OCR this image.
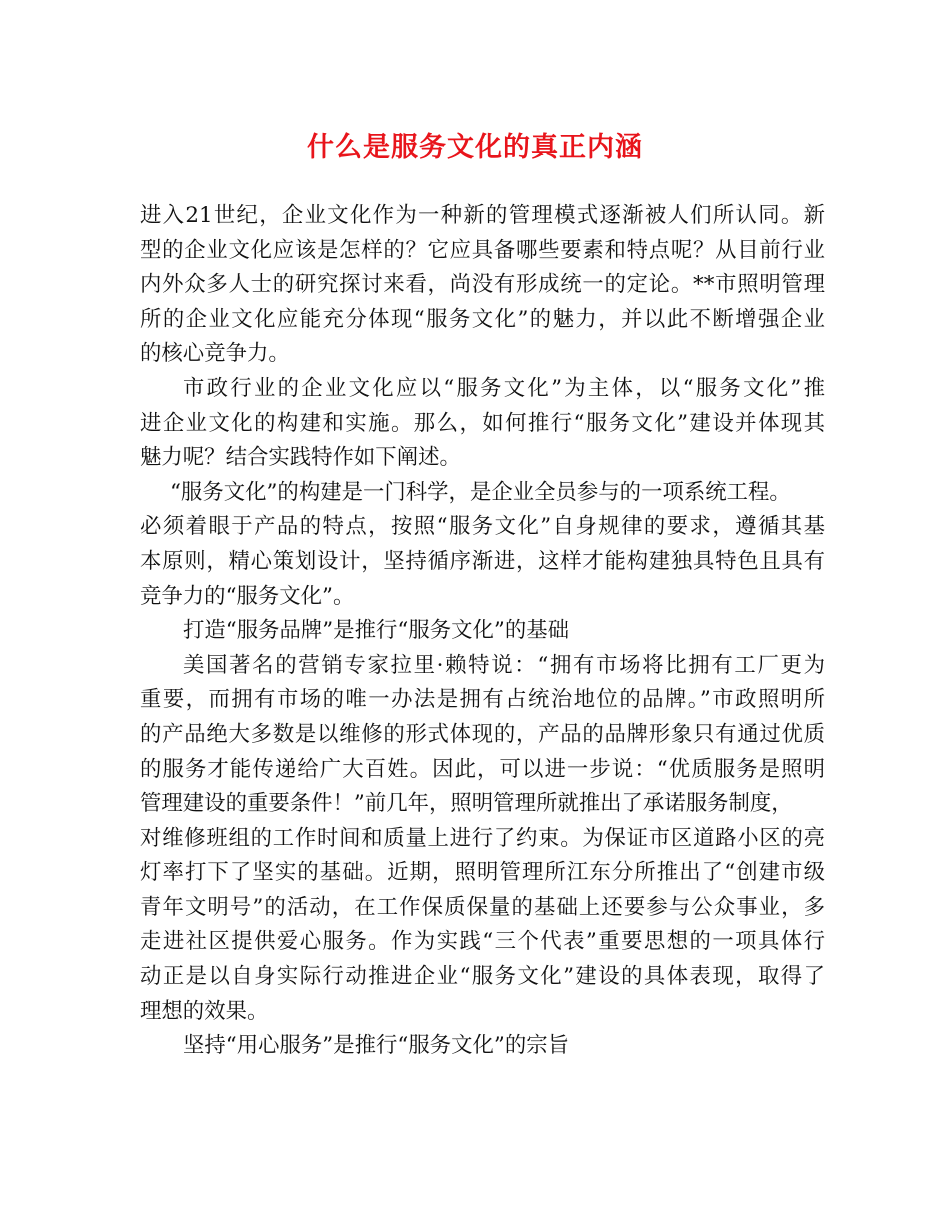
什么是服务文化的真正内涵
进入21世纪，企业文化作为一种新的管理模式逐渐被人们所认同。新
型的企业文化应该是怎样的？它应具备哪些要素和特点呢？从目前行业
内外众多人士的研究探讨来看，尚没有形成统一的定论。**市照明管理
所的企业文化应能充分体现“服务文化”的魅力，并以此不断增强企业
的核心竞争力。
市政行业的企业文化应以“服务文化”为主体，以“服务文化”推
进企业文化的构建和实施。那么，如何推行“服务文化”建设并体现其
魅力呢？结合实践特作如下阐述。
“服务文化”的构建是一门科学，是企业全员参与的一项系统工程。
必须着眼于产品的特点，按照“服务文化”自身规律的要求，遵循其基
本原则，精心策划设计，坚持循序渐进，这样才能构建独具特色且具有
竞争力的“服务文化”。
打造“服务品牌”是推行“服务文化”的基础
美国著名的营销专家拉里·赖特说：“拥有市场将比拥有工厂更为
重要，而拥有市场的唯一办法是拥有占统治地位的品牌。”市政照明所
的产品绝大多数是以维修的形式体现的，产品的品牌形象只有通过优质
的服务才能传递给广大百姓。因此，可以进一步说：“优质服务是照明
管理建设的重要条件！”前几年，照明管理所就推出了承诺服务制度，
对维修班组的工作时间和质量上进行了约束。为保证市区道路小区的亮
灯率打下了坚实的基础。近期，照明管理所江东分所推出了“创建市级
青年文明号”的活动，在工作保质保量的基础上还要参与公众事业，多
走进社区提供爱心服务。作为实践“三个代表”重要思想的一项具体行
动正是以自身实际行动推进企业“服务文化”建设的具体表现，取得了
理想的效果。
坚持“用心服务”是推行“服务文化”的宗旨
